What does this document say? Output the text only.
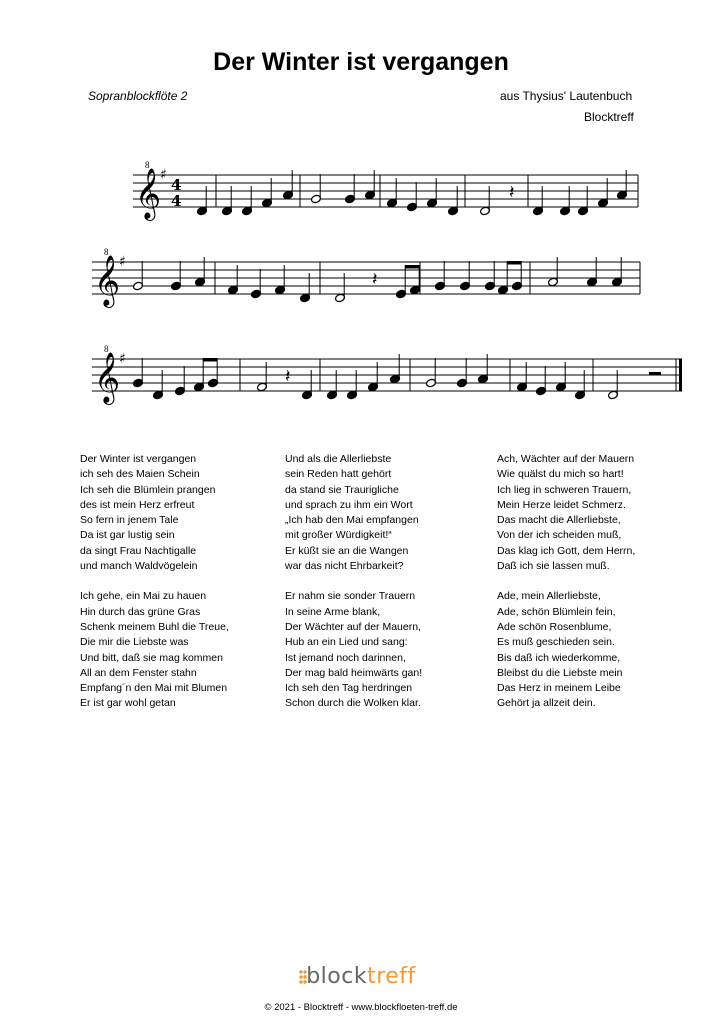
Der Winter ist vergangen
Sopranblockflöte 2	aus Thysius' Lautenbuch
Blocktreff
𝄞
8
♯
4
4	𝄽
𝄞
8
♯
𝄽
𝄞
8
♯
𝄽
Der Winter ist vergangen
ich seh des Maien Schein
Ich seh die Blümlein prangen
des ist mein Herz erfreut
So fern in jenem Tale
Da ist gar lustig sein
da singt Frau Nachtigalle
und manch Waldvögelein
Ich gehe, ein Mai zu hauen
Hin durch das grüne Gras
Schenk meinem Buhl die Treue,
Die mir die Liebste was
Und bitt, daß sie mag kommen
All an dem Fenster stahn
Empfang´n den Mai mit Blumen
Er ist gar wohl getan
Und als die Allerliebste
sein Reden hatt gehört
da stand sie Traurigliche
und sprach zu ihm ein Wort
„Ich hab den Mai empfangen
mit großer Würdigkeit!“
Er küßt sie an die Wangen
war das nicht Ehrbarkeit?
Er nahm sie sonder Trauern
In seine Arme blank,
Der Wächter auf der Mauern,
Hub an ein Lied und sang:
Ist jemand noch darinnen,
Der mag bald heimwärts gan!
Ich seh den Tag herdringen
Schon durch die Wolken klar.
Ach, Wächter auf der Mauern
Wie quälst du mich so hart!
Ich lieg in schweren Trauern,
Mein Herze leidet Schmerz.
Das macht die Allerliebste,
Von der ich scheiden muß,
Das klag ich Gott, dem Herrn,
Daß ich sie lassen muß.
Ade, mein Allerliebste,
Ade, schön Blümlein fein,
Ade schön Rosenblume,
Es muß geschieden sein.
Bis daß ich wiederkomme,
Bleibst du die Liebste mein
Das Herz in meinem Leibe
Gehört ja allzeit dein.
blocktreff
© 2021 - Blocktreff - www.blockfloeten-treff.de
